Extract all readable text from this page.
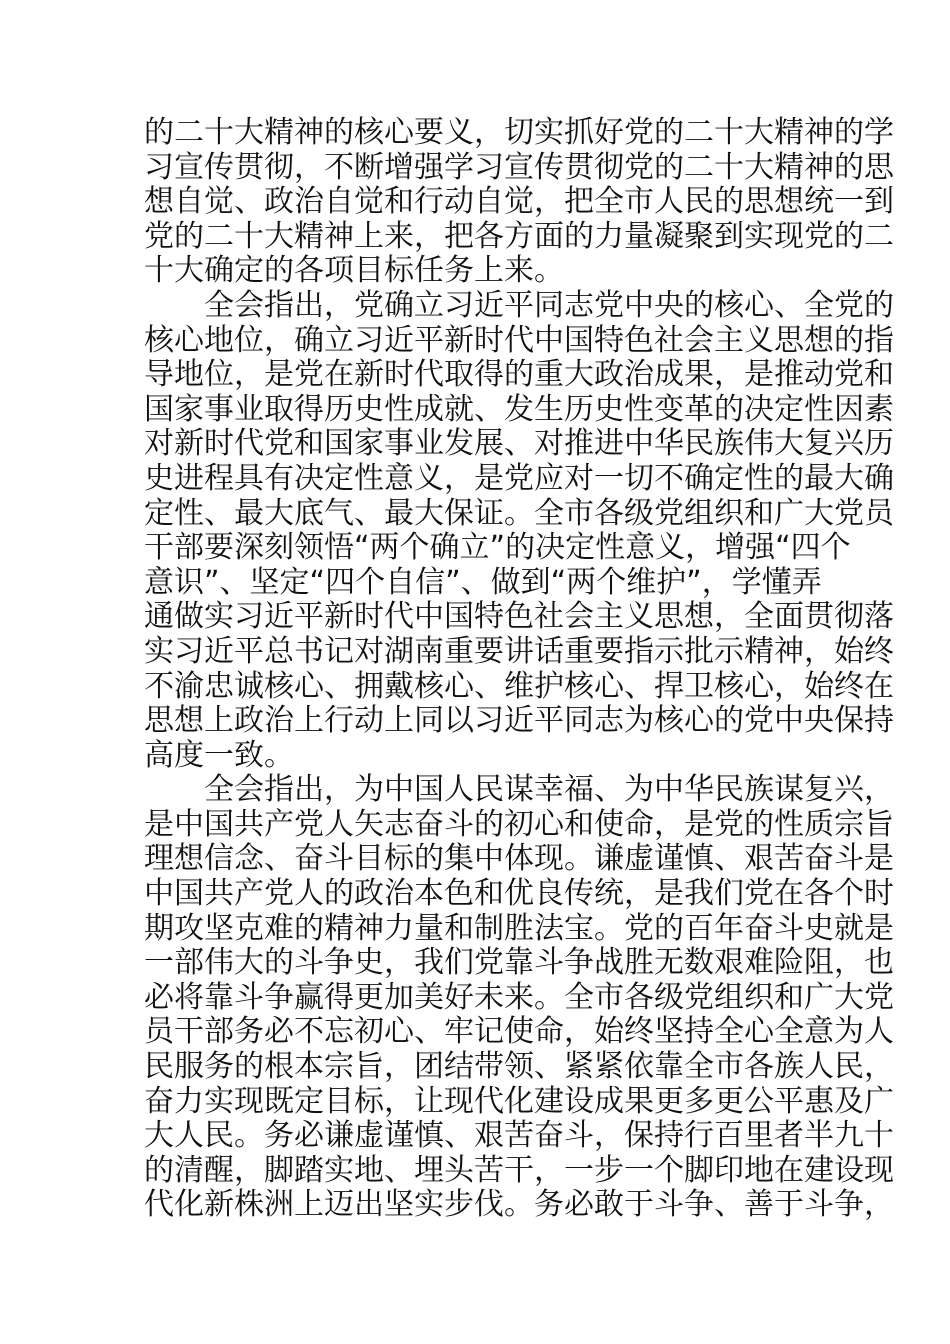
的二十大精神的核心要义，切实抓好党的二十大精神的学
习宣传贯彻，不断增强学习宣传贯彻党的二十大精神的思
想自觉、政治自觉和行动自觉，把全市人民的思想统一到
党的二十大精神上来，把各方面的力量凝聚到实现党的二
十大确定的各项目标任务上来。
　　全会指出，党确立习近平同志党中央的核心、全党的
核心地位，确立习近平新时代中国特色社会主义思想的指
导地位，是党在新时代取得的重大政治成果，是推动党和
国家事业取得历史性成就、发生历史性变革的决定性因素
对新时代党和国家事业发展、对推进中华民族伟大复兴历
史进程具有决定性意义，是党应对一切不确定性的最大确
定性、最大底气、最大保证。全市各级党组织和广大党员
干部要深刻领悟“两个确立”的决定性意义，增强“四个
意识”、坚定“四个自信”、做到“两个维护”，学懂弄
通做实习近平新时代中国特色社会主义思想，全面贯彻落
实习近平总书记对湖南重要讲话重要指示批示精神，始终
不渝忠诚核心、拥戴核心、维护核心、捍卫核心，始终在
思想上政治上行动上同以习近平同志为核心的党中央保持
高度一致。
　　全会指出，为中国人民谋幸福、为中华民族谋复兴，
是中国共产党人矢志奋斗的初心和使命，是党的性质宗旨
理想信念、奋斗目标的集中体现。谦虚谨慎、艰苦奋斗是
中国共产党人的政治本色和优良传统，是我们党在各个时
期攻坚克难的精神力量和制胜法宝。党的百年奋斗史就是
一部伟大的斗争史，我们党靠斗争战胜无数艰难险阻，也
必将靠斗争赢得更加美好未来。全市各级党组织和广大党
员干部务必不忘初心、牢记使命，始终坚持全心全意为人
民服务的根本宗旨，团结带领、紧紧依靠全市各族人民，
奋力实现既定目标，让现代化建设成果更多更公平惠及广
大人民。务必谦虚谨慎、艰苦奋斗，保持行百里者半九十
的清醒，脚踏实地、埋头苦干，一步一个脚印地在建设现
代化新株洲上迈出坚实步伐。务必敢于斗争、善于斗争，
